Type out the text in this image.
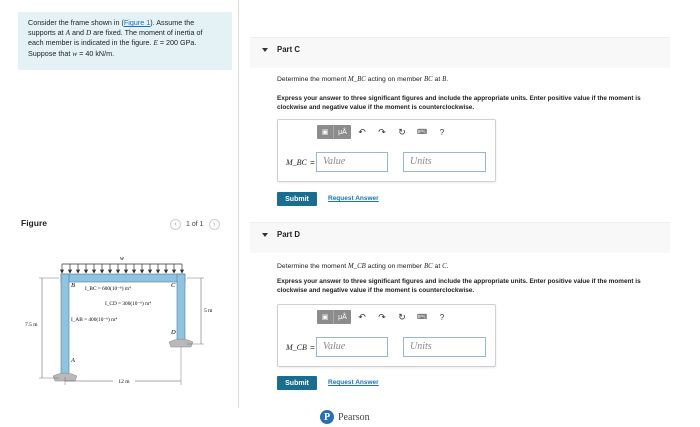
Consider the frame shown in (Figure 1). Assume the
supports at A and D are fixed. The moment of inertia of
each member is indicated in the figure. E = 200 GPa.
Suppose that w = 40 kN/m.
Figure	‹	1 of 1	›
w
B	C
A
D
I_BC = 600(10⁻⁶) m⁴
I_CD = 300(10⁻⁶) m⁴
I_AB = 400(10⁻⁶) m⁴
7.5 m
5 m
12 m
Part C
Determine the moment M_BC acting on member BC at B.
Express your answer to three significant figures and include the appropriate units. Enter positive value if the moment is clockwise and negative value if the moment is counterclockwise.
▣	μÅ	↶	↷	↻	⌨	?
M_BC = Value	Units
Submit	Request Answer
Part D
Determine the moment M_CB acting on member BC at C.
Express your answer to three significant figures and include the appropriate units. Enter positive value if the moment is clockwise and negative value if the moment is counterclockwise.
▣	μÅ	↶	↷	↻	⌨	?
M_CB = Value	Units
Submit	Request Answer
P Pearson
